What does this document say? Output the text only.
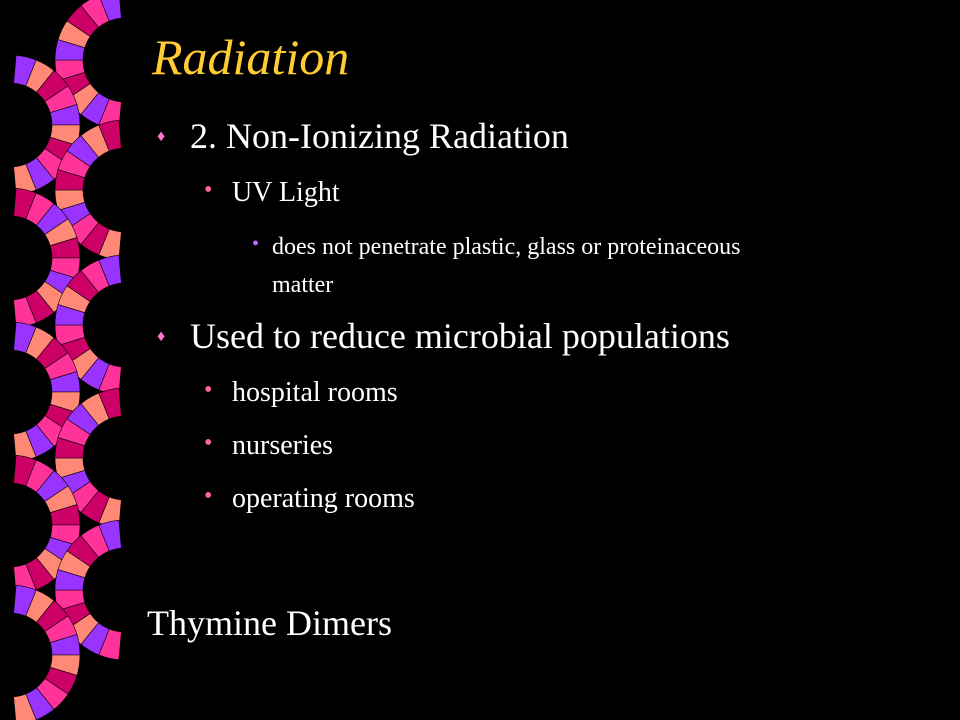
Radiation
♦ 2. Non-Ionizing Radiation
• UV Light
• does not penetrate plastic, glass or proteinaceous
matter
♦ Used to reduce microbial populations
• hospital rooms
• nurseries
• operating rooms
Thymine Dimers
